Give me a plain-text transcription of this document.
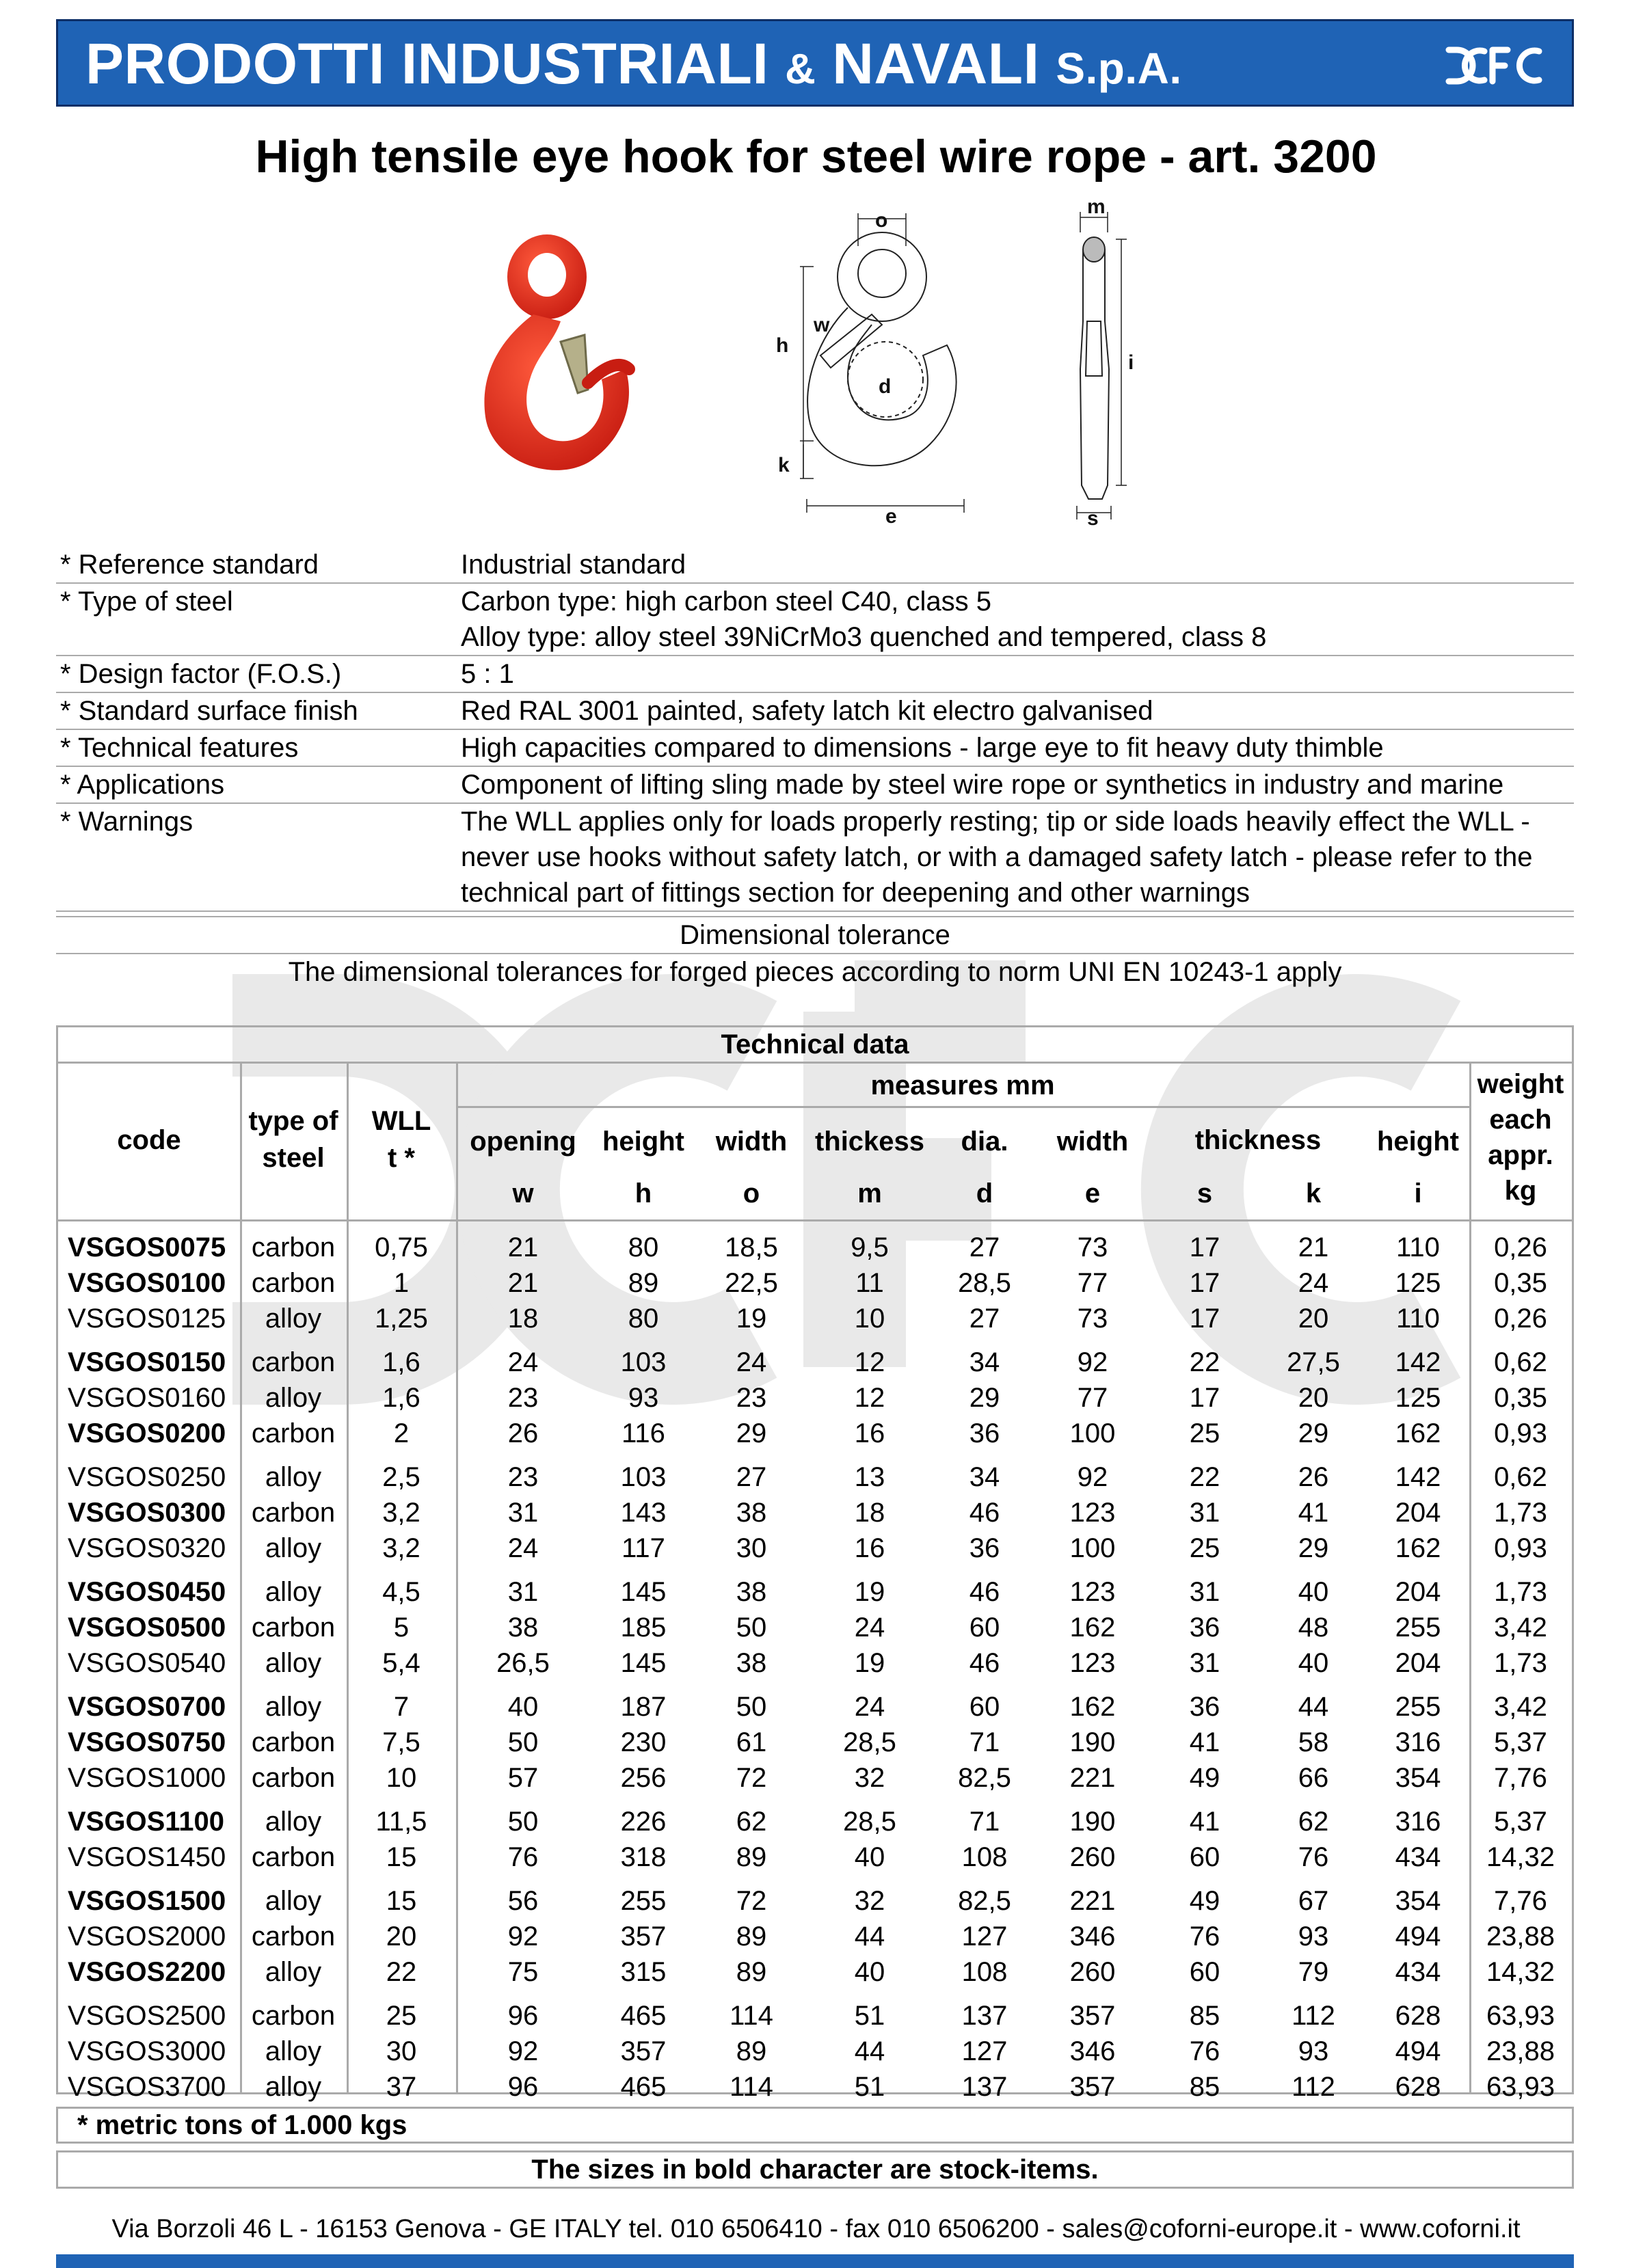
PRODOTTI INDUSTRIALI & NAVALI S.p.A.
High tensile eye hook for steel wire rope - art. 3200
o
w
h
d
k
e
m
i
s
* Reference standard	Industrial standard
* Type of steel	Carbon type: high carbon steel C40, class 5
Alloy type: alloy steel 39NiCrMo3 quenched and tempered, class 8
* Design factor (F.O.S.)	5 : 1
* Standard surface finish	Red RAL 3001 painted, safety latch kit electro galvanised
* Technical features	High capacities compared to dimensions - large eye to fit heavy duty thimble
* Applications	Component of lifting sling made by steel wire rope or synthetics in industry and marine
* Warnings	The WLL applies only for loads properly resting; tip or side loads heavily effect the WLL -
never use hooks without safety latch, or with a damaged safety latch - please refer to the
technical part of fittings section for deepening and other warnings
Dimensional tolerance
The dimensional tolerances for forged pieces according to norm UNI EN 10243-1 apply
Technical data
code
type of
steel
WLL
t *
measures mm
opening
w
height
h
width
o
thickess
m
dia.
d
width
e
thickness
s	k
height
i
weight
each
appr.
kg
VSGOS0075 carbon	0,75	21	80	18,5	9,5	27	73	17	21	110	0,26
VSGOS0100 carbon	1	21	89	22,5	11	28,5	77	17	24	125	0,35
VSGOS0125	alloy	1,25	18	80	19	10	27	73	17	20	110	0,26
VSGOS0150 carbon	1,6	24	103	24	12	34	92	22	27,5	142	0,62
VSGOS0160	alloy	1,6	23	93	23	12	29	77	17	20	125	0,35
VSGOS0200 carbon	2	26	116	29	16	36	100	25	29	162	0,93
VSGOS0250	alloy	2,5	23	103	27	13	34	92	22	26	142	0,62
VSGOS0300 carbon	3,2	31	143	38	18	46	123	31	41	204	1,73
VSGOS0320	alloy	3,2	24	117	30	16	36	100	25	29	162	0,93
VSGOS0450	alloy	4,5	31	145	38	19	46	123	31	40	204	1,73
VSGOS0500 carbon	5	38	185	50	24	60	162	36	48	255	3,42
VSGOS0540	alloy	5,4	26,5	145	38	19	46	123	31	40	204	1,73
VSGOS0700	alloy	7	40	187	50	24	60	162	36	44	255	3,42
VSGOS0750 carbon	7,5	50	230	61	28,5	71	190	41	58	316	5,37
VSGOS1000 carbon	10	57	256	72	32	82,5	221	49	66	354	7,76
VSGOS1100	alloy	11,5	50	226	62	28,5	71	190	41	62	316	5,37
VSGOS1450 carbon	15	76	318	89	40	108	260	60	76	434	14,32
VSGOS1500	alloy	15	56	255	72	32	82,5	221	49	67	354	7,76
VSGOS2000 carbon	20	92	357	89	44	127	346	76	93	494	23,88
VSGOS2200	alloy	22	75	315	89	40	108	260	60	79	434	14,32
VSGOS2500 carbon	25	96	465	114	51	137	357	85	112	628	63,93
VSGOS3000	alloy	30	92	357	89	44	127	346	76	93	494	23,88
VSGOS3700	alloy	37	96	465	114	51	137	357	85	112	628	63,93
* metric tons of 1.000 kgs
The sizes in bold character are stock-items.
Via Borzoli 46 L - 16153 Genova - GE ITALY tel. 010 6506410 - fax 010 6506200 - sales@coforni-europe.it - www.coforni.it
